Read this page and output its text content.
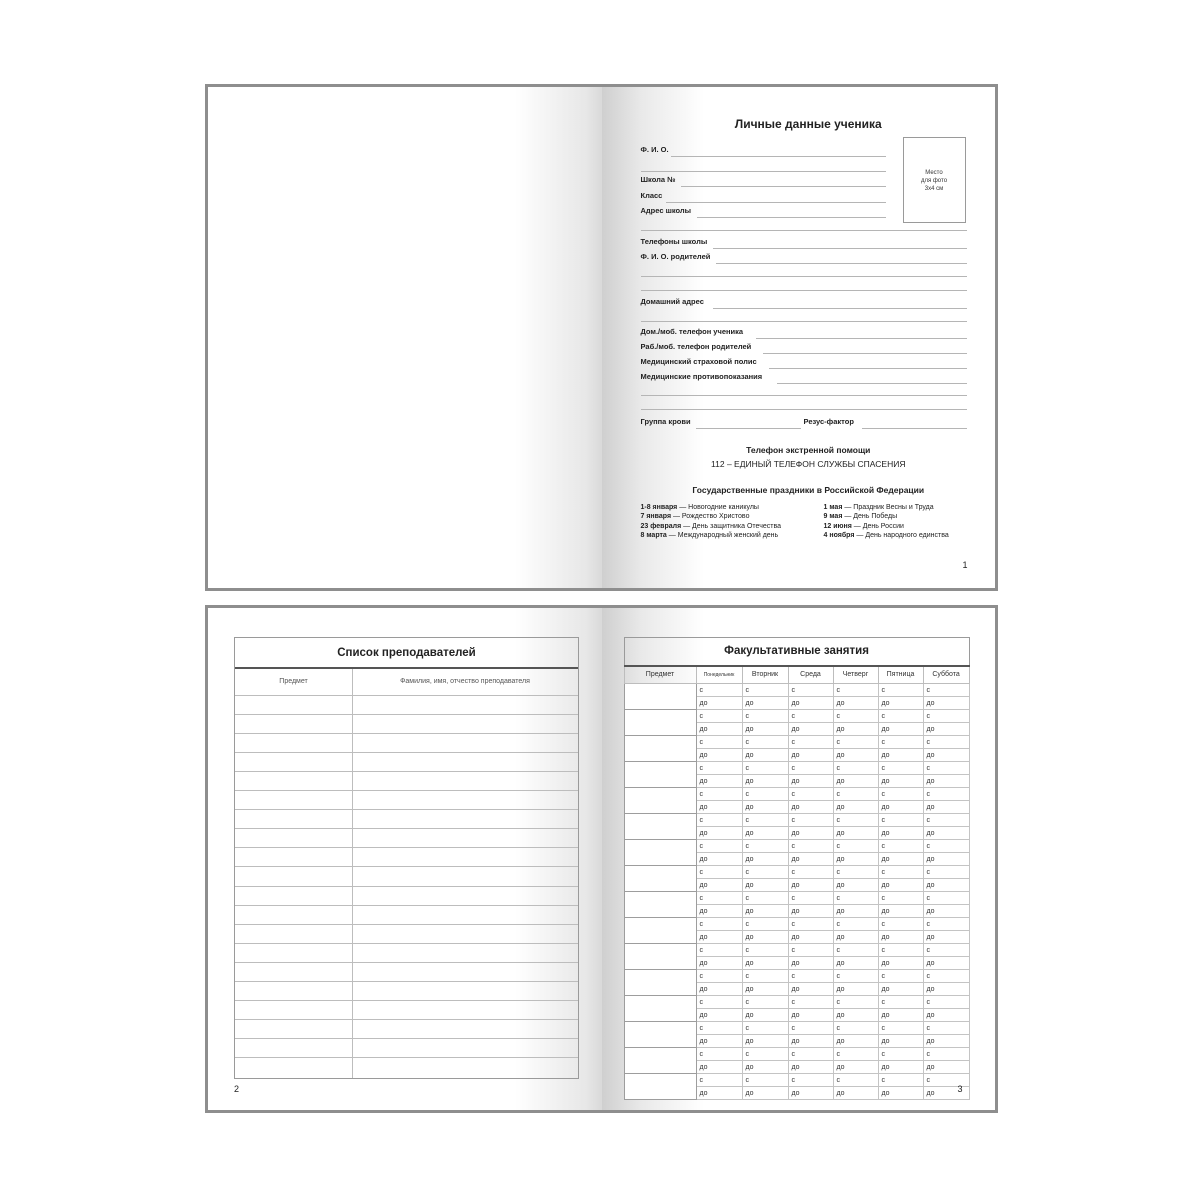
Личные данные ученика
Место
для фото
3x4 см
Ф. И. О.
Школа №
Класс
Адрес школы
Телефоны школы
Ф. И. О. родителей
Домашний адрес
Дом./моб. телефон ученика
Раб./моб. телефон родителей
Медицинский страховой полис
Медицинские противопоказания
Группа крови	Резус-фактор
Телефон экстренной помощи
112 – ЕДИНЫЙ ТЕЛЕФОН СЛУЖБЫ СПАСЕНИЯ
Государственные праздники в Российской Федерации
1-8 января — Новогодние каникулы
7 января — Рождество Христово
23 февраля — День защитника Отечества
8 марта — Международный женский день
1 мая — Праздник Весны и Труда
9 мая — День Победы
12 июня — День России
4 ноября — День народного единства
1
Список преподавателей
Предмет	Фамилия, имя, отчество преподавателя
2
Факультативные занятия						
Предмет	Понедельник	Вторник	Среда	Четверг	Пятница	Суббота
	с	с	с	с	с	с
	до	до	до	до	до	до
	с	с	с	с	с	с
	до	до	до	до	до	до
	с	с	с	с	с	с
	до	до	до	до	до	до
	с	с	с	с	с	с
	до	до	до	до	до	до
	с	с	с	с	с	с
	до	до	до	до	до	до
	с	с	с	с	с	с
	до	до	до	до	до	до
	с	с	с	с	с	с
	до	до	до	до	до	до
	с	с	с	с	с	с
	до	до	до	до	до	до
	с	с	с	с	с	с
	до	до	до	до	до	до
	с	с	с	с	с	с
	до	до	до	до	до	до
	с	с	с	с	с	с
	до	до	до	до	до	до
	с	с	с	с	с	с
	до	до	до	до	до	до
	с	с	с	с	с	с
	до	до	до	до	до	до
	с	с	с	с	с	с
	до	до	до	до	до	до
	с	с	с	с	с	с
	до	до	до	до	до	до
	с	с	с	с	с	с
	до	до	до	до	до	до	3
